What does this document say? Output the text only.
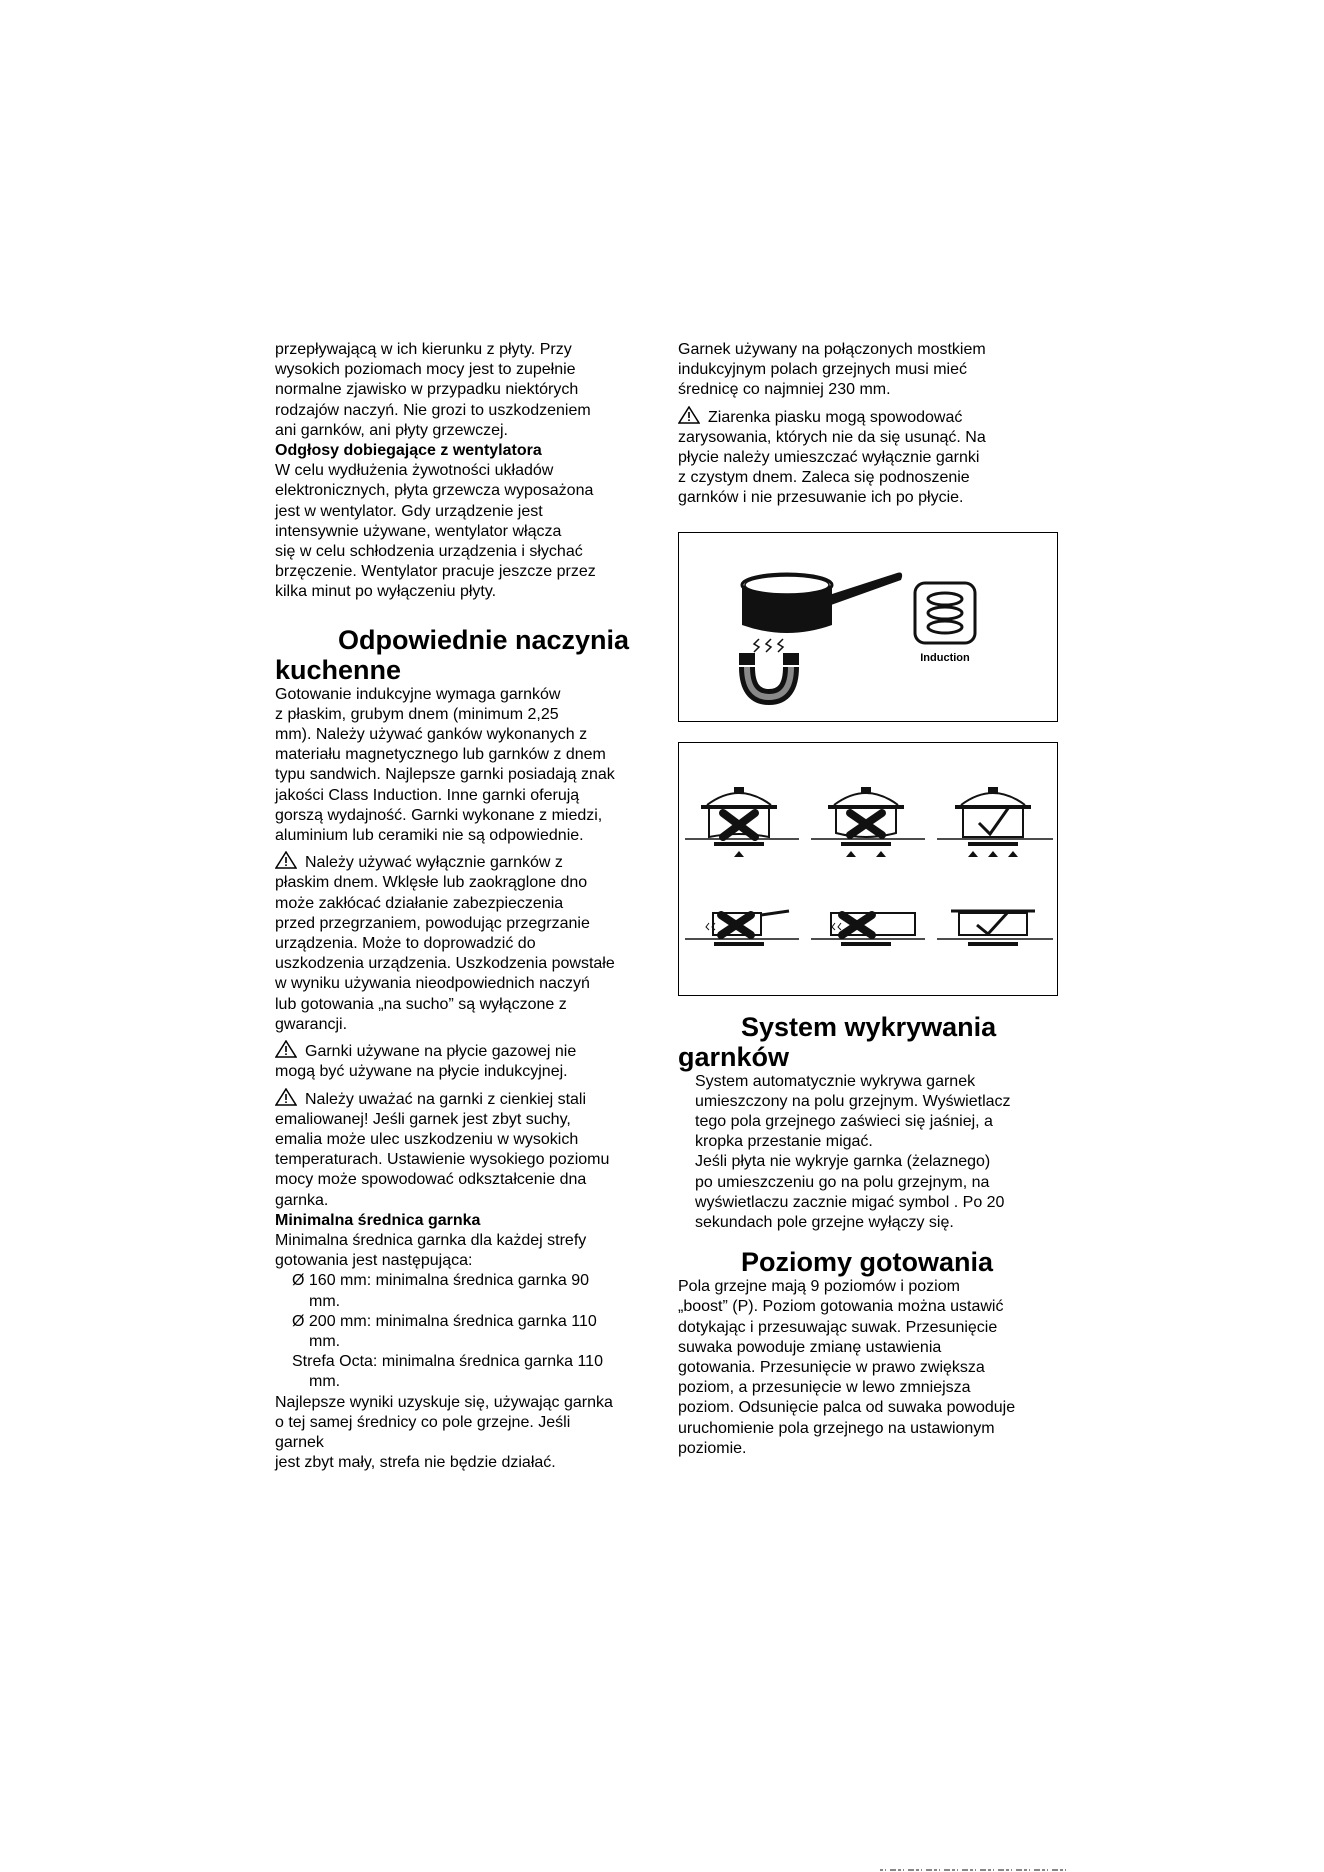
przepływającą w ich kierunku z płyty. Przy

wysokich poziomach mocy jest to zupełnie

normalne zjawisko w przypadku niektórych

rodzajów naczyń. Nie grozi to uszkodzeniem

ani garnków, ani płyty grzewczej.

Odgłosy dobiegające z wentylatora

W celu wydłużenia żywotności układów

elektronicznych, płyta grzewcza wyposażona

jest w wentylator. Gdy urządzenie jest

intensywnie używane, wentylator włącza

się w celu schłodzenia urządzenia i słychać

brzęczenie. Wentylator pracuje jeszcze przez

kilka minut po wyłączeniu płyty.

Odpowiednie naczynia
kuchenne

Gotowanie indukcyjne wymaga garnków

z płaskim, grubym dnem (minimum 2,25

mm). Należy używać ganków wykonanych z

materiału magnetycznego lub garnków z dnem

typu sandwich. Najlepsze garnki posiadają znak

jakości Class Induction. Inne garnki oferują

gorszą wydajność. Garnki wykonane z miedzi,

aluminium lub ceramiki nie są odpowiednie.

Należy używać wyłącznie garnków z

płaskim dnem. Wklęsłe lub zaokrąglone dno

może zakłócać działanie zabezpieczenia

przed przegrzaniem, powodując przegrzanie

urządzenia. Może to doprowadzić do

uszkodzenia urządzenia. Uszkodzenia powstałe

w wyniku używania nieodpowiednich naczyń

lub gotowania „na sucho” są wyłączone z

gwarancji.

Garnki używane na płycie gazowej nie

mogą być używane na płycie indukcyjnej.

Należy uważać na garnki z cienkiej stali

emaliowanej! Jeśli garnek jest zbyt suchy,

emalia może ulec uszkodzeniu w wysokich

temperaturach. Ustawienie wysokiego poziomu

mocy może spowodować odkształcenie dna

garnka.

Minimalna średnica garnka

Minimalna średnica garnka dla każdej strefy

gotowania jest następująca:

Ø 160 mm: minimalna średnica garnka 90 mm.

Ø 200 mm: minimalna średnica garnka 110 mm.

Strefa Octa: minimalna średnica garnka 110 mm.

Najlepsze wyniki uzyskuje się, używając garnka

o tej samej średnicy co pole grzejne. Jeśli

garnek

jest zbyt mały, strefa nie będzie działać.

Garnek używany na połączonych mostkiem

indukcyjnym polach grzejnych musi mieć

średnicę co najmniej 230 mm.

Ziarenka piasku mogą spowodować

zarysowania, których nie da się usunąć. Na

płycie należy umieszczać wyłącznie garnki

z czystym dnem. Zaleca się podnoszenie

garnków i nie przesuwanie ich po płycie.

Induction
System wykrywania
garnków

System automatycznie wykrywa garnek

umieszczony na polu grzejnym. Wyświetlacz

tego pola grzejnego zaświeci się jaśniej, a

kropka przestanie migać.

Jeśli płyta nie wykryje garnka (żelaznego)

po umieszczeniu go na polu grzejnym, na

wyświetlaczu zacznie migać symbol . Po 20

sekundach pole grzejne wyłączy się.

Poziomy gotowania

Pola grzejne mają 9 poziomów i poziom

„boost” (P). Poziom gotowania można ustawić

dotykając i przesuwając suwak. Przesunięcie

suwaka powoduje zmianę ustawienia

gotowania. Przesunięcie w prawo zwiększa

poziom, a przesunięcie w lewo zmniejsza

poziom. Odsunięcie palca od suwaka powoduje

uruchomienie pola grzejnego na ustawionym

poziomie.
